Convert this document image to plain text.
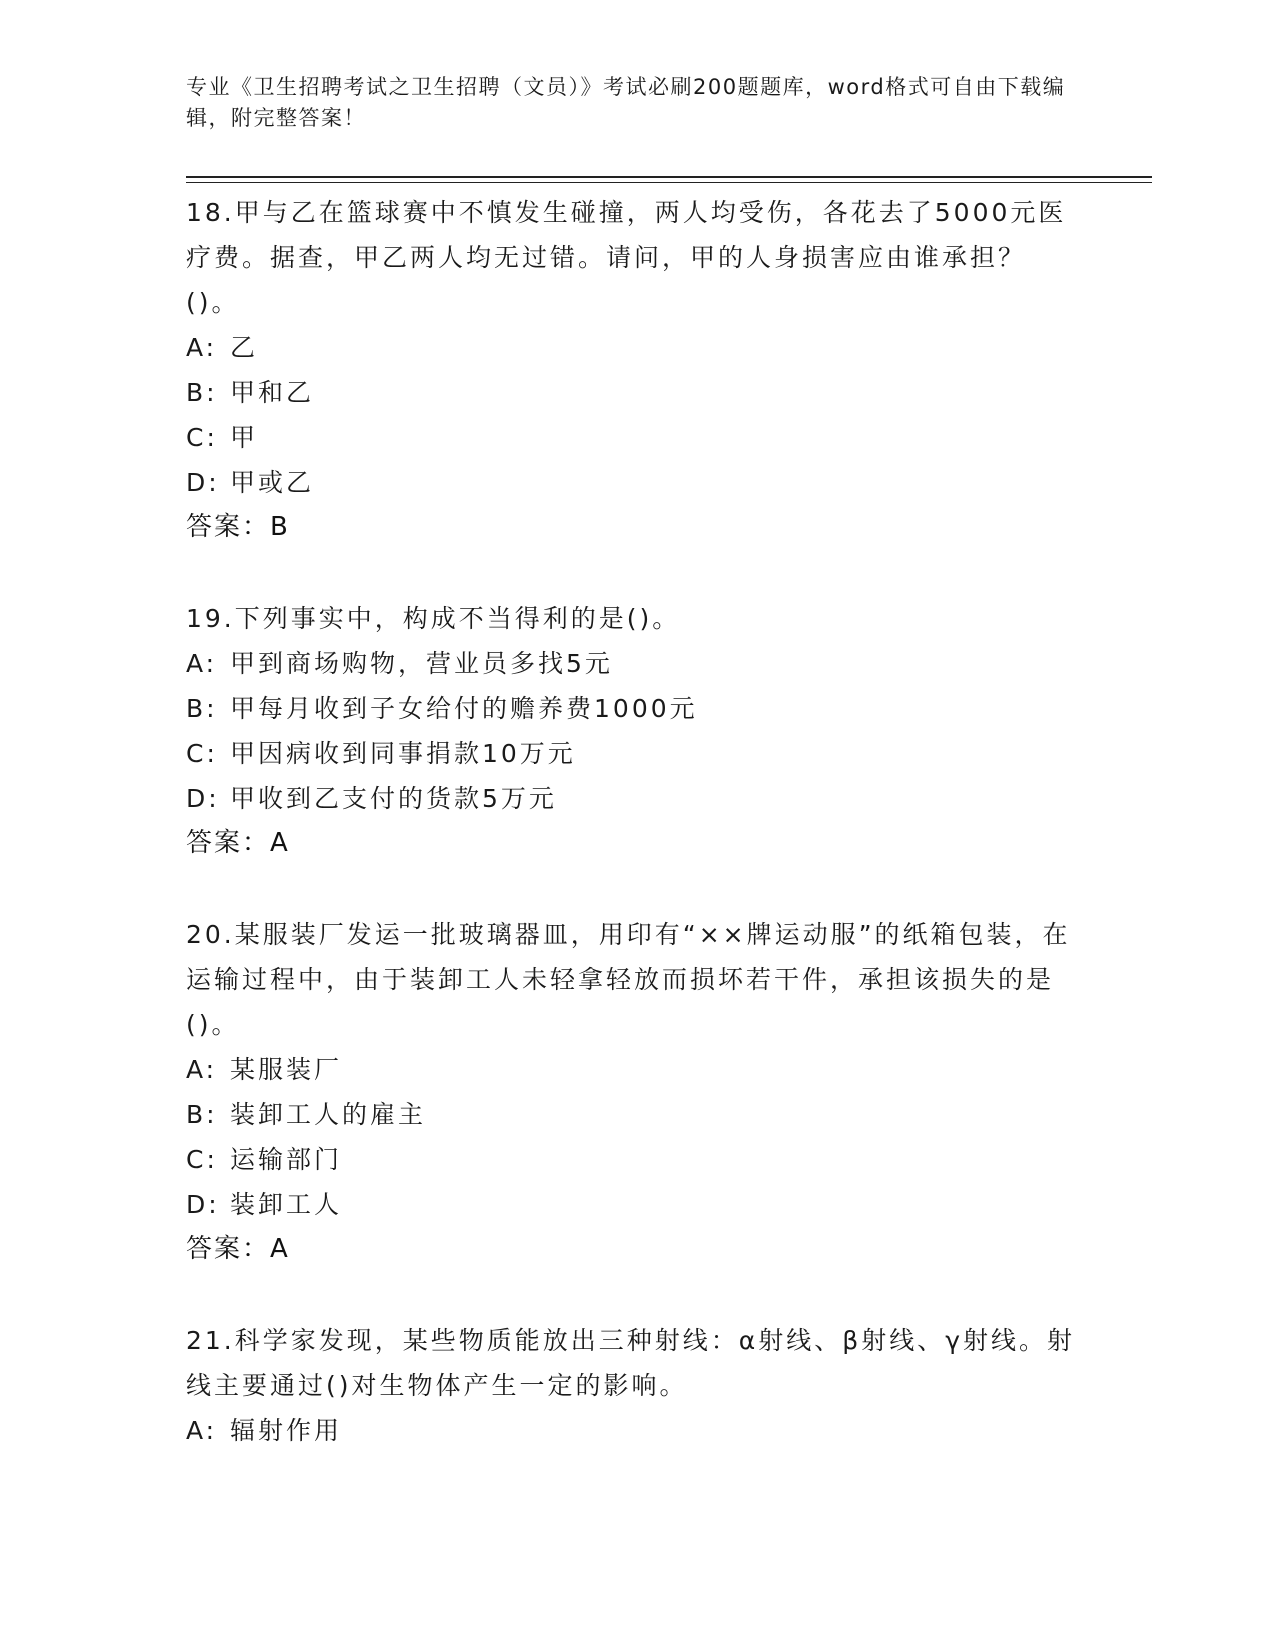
专业《卫生招聘考试之卫生招聘（文员）》考试必刷200题题库，word格式可自由下载编辑，附完整答案！

18.甲与乙在篮球赛中不慎发生碰撞，两人均受伤，各花去了5000元医疗费。据查，甲乙两人均无过错。请问，甲的人身损害应由谁承担？()。

A: 乙

B: 甲和乙

C: 甲

D: 甲或乙

答案：B

19.下列事实中，构成不当得利的是()。

A: 甲到商场购物，营业员多找5元

B: 甲每月收到子女给付的赡养费1000元

C: 甲因病收到同事捐款10万元

D: 甲收到乙支付的货款5万元

答案：A

20.某服装厂发运一批玻璃器皿，用印有“××牌运动服”的纸箱包装，在运输过程中，由于装卸工人未轻拿轻放而损坏若干件，承担该损失的是()。

A: 某服装厂

B: 装卸工人的雇主

C: 运输部门

D: 装卸工人

答案：A

21.科学家发现，某些物质能放出三种射线：α射线、β射线、γ射线。射线主要通过()对生物体产生一定的影响。

A: 辐射作用
